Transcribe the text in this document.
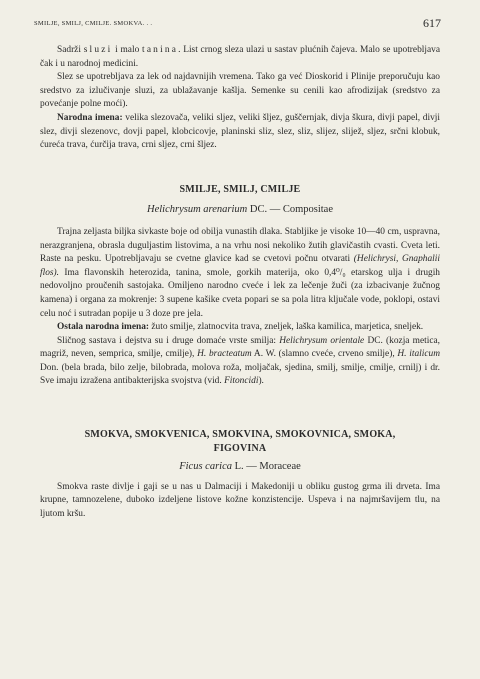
SMILJE, SMILJ, CMILJE. SMOKVA. . .	617

Sadrži sluzi i malo tanina. List crnog sleza ulazi u sastav plućnih čajeva. Malo se upotrebljava čak i u narodnoj medicini.

Slez se upotrebljava za lek od najdavnijih vremena. Tako ga već Dioskorid i Plinije preporučuju kao sredstvo za izlučivanje sluzi, za ublažavanje kašlja. Semenke su cenili kao afrodizijak (sredstvo za povećanje polne moći).

Narodna imena: velika slezovača, veliki sljez, veliki šljez, guščernjak, divja škura, divji papel, divji slez, divji slezenovc, dovji papel, klobcicovje, planinski sliz, slez, sliz, slijez, slijež, sljez, srčni klobuk, ćureća trava, ćurčija trava, crni sljez, crni šljez.

SMILJE, SMILJ, CMILJE
Helichrysum arenarium DC. — Compositae

Trajna zeljasta biljka sivkaste boje od obilja vunastih dlaka. Stabljike je visoke 10—40 cm, uspravna, nerazgranjena, obrasla duguljastim listovima, a na vrhu nosi nekoliko žutih glavičastih cvasti. Cveta leti. Raste na pesku. Upotrebljavaju se cvetne glavice kad se cvetovi počnu otvarati (Helichrysi, Gnaphalii flos). Ima flavonskih heterozida, tanina, smole, gorkih materija, oko 0,4⁰/₀ etarskog ulja i drugih nedovoljno proučenih sastojaka. Omiljeno narodno cveće i lek za lečenje žuči (za izbacivanje žučnog kamena) i organa za mokrenje: 3 supene kašike cveta popari se sa pola litra ključale vode, poklopi, ostavi celu noć i sutradan popije u 3 doze pre jela.

Ostala narodna imena: žuto smilje, zlatnocvita trava, zneljek, laška kamilica, marjetica, sneljek.

Sličnog sastava i dejstva su i druge domaće vrste smilja: Helichrysum orientale DC. (kozja metica, magriž, neven, semprica, smilje, cmilje), H. bracteatum A. W. (slamno cveće, crveno smilje), H. italicum Don. (bela brada, bilo zelje, bilobrada, molova roža, moljačak, sjedina, smilj, smilje, cmilje, crnilj) i dr. Sve imaju izražena antibakterijska svojstva (vid. Fitoncidi).

SMOKVA, SMOKVENICA, SMOKVINA, SMOKOVNICA, SMOKA,
FIGOVINA
Ficus carica L. — Moraceae

Smokva raste divlje i gaji se u nas u Dalmaciji i Makedoniji u obliku gustog grma ili drveta. Ima krupne, tamnozelene, duboko izdeljene listove kožne konzistencije. Uspeva i na najmršavijem tlu, na ljutom kršu.
